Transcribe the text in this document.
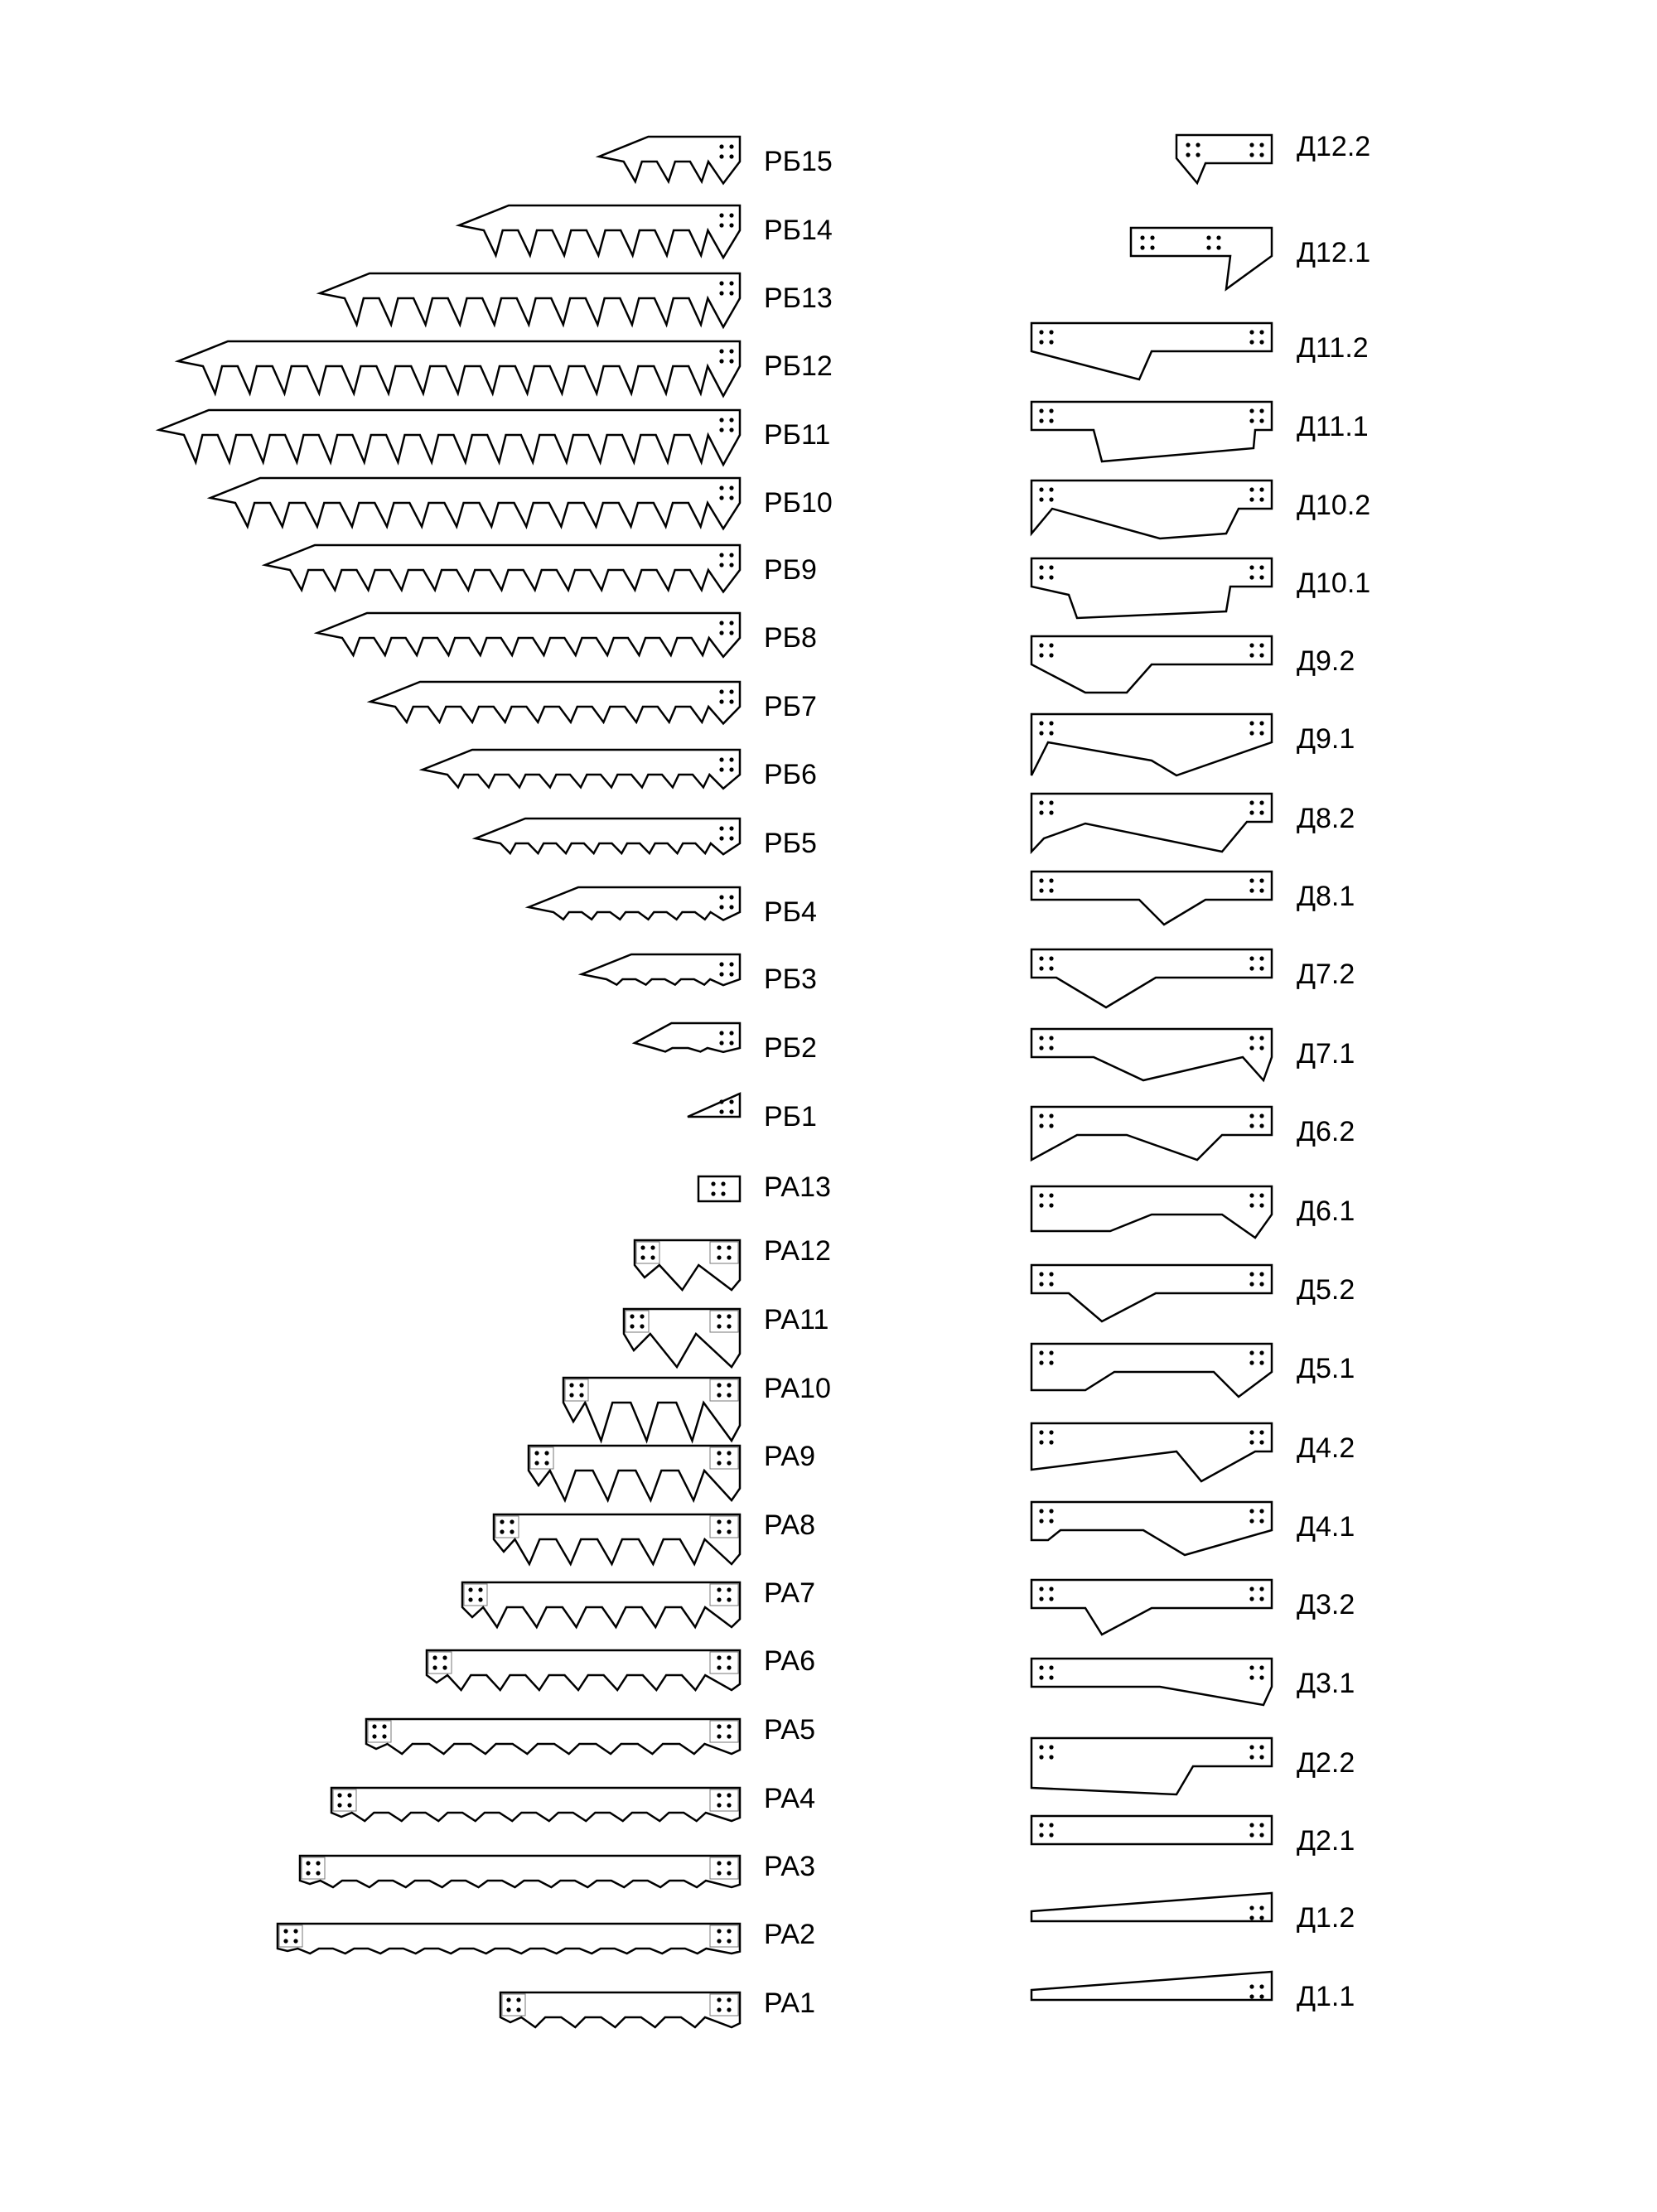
РБ15
РБ14
РБ13
РБ12
РБ11
РБ10
РБ9
РБ8
РБ7
РБ6
РБ5
РБ4
РБ3
РБ2
РБ1
РА13
РА12
РА11
РА10
РА9
РА8
РА7
РА6
РА5
РА4
РА3
РА2
РА1
Д12.2
Д12.1
Д11.2
Д11.1
Д10.2
Д10.1
Д9.2
Д9.1
Д8.2
Д8.1
Д7.2
Д7.1
Д6.2
Д6.1
Д5.2
Д5.1
Д4.2
Д4.1
Д3.2
Д3.1
Д2.2
Д2.1
Д1.2
Д1.1
